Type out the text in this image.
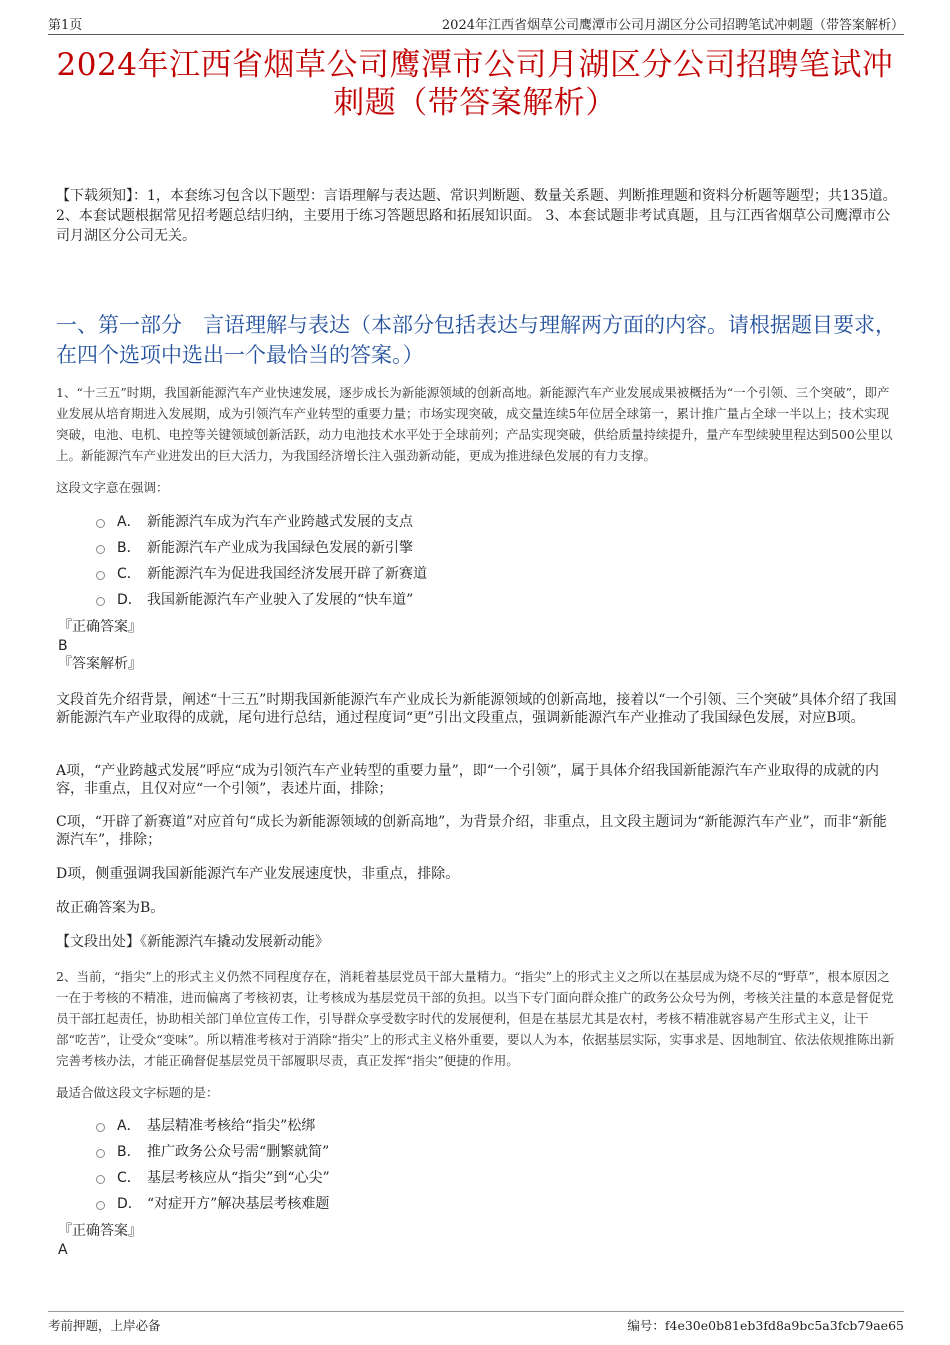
第1页	2024年江西省烟草公司鹰潭市公司月湖区分公司招聘笔试冲刺题（带答案解析）
2024年江西省烟草公司鹰潭市公司月湖区分公司招聘笔试冲刺题（带答案解析）

【下载须知】：1，本套练习包含以下题型：言语理解与表达题、常识判断题、数量关系题、判断推理题和资料分析题等题型；共135道。 2、本套试题根据常见招考题总结归纳，主要用于练习答题思路和拓展知识面。 3、本套试题非考试真题，且与江西省烟草公司鹰潭市公司月湖区分公司无关。

一、第一部分　言语理解与表达（本部分包括表达与理解两方面的内容。请根据题目要求，在四个选项中选出一个最恰当的答案。）

1、“十三五”时期，我国新能源汽车产业快速发展，逐步成长为新能源领域的创新高地。新能源汽车产业发展成果被概括为“一个引领、三个突破”，即产业发展从培育期进入发展期，成为引领汽车产业转型的重要力量；市场实现突破，成交量连续5年位居全球第一，累计推广量占全球一半以上；技术实现突破，电池、电机、电控等关键领域创新活跃，动力电池技术水平处于全球前列；产品实现突破，供给质量持续提升，量产车型续驶里程达到500公里以上。新能源汽车产业进发出的巨大活力，为我国经济增长注入强劲新动能，更成为推进绿色发展的有力支撑。

这段文字意在强调：

A． 新能源汽车成为汽车产业跨越式发展的支点
B． 新能源汽车产业成为我国绿色发展的新引擎
C． 新能源汽车为促进我国经济发展开辟了新赛道
D． 我国新能源汽车产业驶入了发展的“快车道”

『正确答案』

B

『答案解析』

文段首先介绍背景，阐述“十三五”时期我国新能源汽车产业成长为新能源领域的创新高地，接着以“一个引领、三个突破”具体介绍了我国新能源汽车产业取得的成就，尾句进行总结，通过程度词“更”引出文段重点，强调新能源汽车产业推动了我国绿色发展，对应B项。

A项，“产业跨越式发展”呼应“成为引领汽车产业转型的重要力量”，即“一个引领”，属于具体介绍我国新能源汽车产业取得的成就的内容，非重点，且仅对应“一个引领”，表述片面，排除；

C项，“开辟了新赛道”对应首句“成长为新能源领域的创新高地”，为背景介绍，非重点，且文段主题词为“新能源汽车产业”，而非“新能源汽车”，排除；

D项，侧重强调我国新能源汽车产业发展速度快，非重点，排除。

故正确答案为B。

【文段出处】《新能源汽车撬动发展新动能》

2、当前，“指尖”上的形式主义仍然不同程度存在，消耗着基层党员干部大量精力。“指尖”上的形式主义之所以在基层成为烧不尽的“野草”，根本原因之一在于考核的不精准，进而偏离了考核初衷，让考核成为基层党员干部的负担。以当下专门面向群众推广的政务公众号为例，考核关注量的本意是督促党员干部扛起责任，协助相关部门单位宣传工作，引导群众享受数字时代的发展便利，但是在基层尤其是农村，考核不精准就容易产生形式主义，让干部“吃苦”，让受众“变味”。所以精准考核对于消除“指尖”上的形式主义格外重要，要以人为本，依据基层实际，实事求是、因地制宜、依法依规推陈出新完善考核办法，才能正确督促基层党员干部履职尽责，真正发挥“指尖”便捷的作用。

最适合做这段文字标题的是：

A． 基层精准考核给“指尖”松绑
B． 推广政务公众号需“删繁就简”
C． 基层考核应从“指尖”到“心尖”
D． “对症开方”解决基层考核难题

『正确答案』

A

考前押题，上岸必备	编号：f4e30e0b81eb3fd8a9bc5a3fcb79ae65
